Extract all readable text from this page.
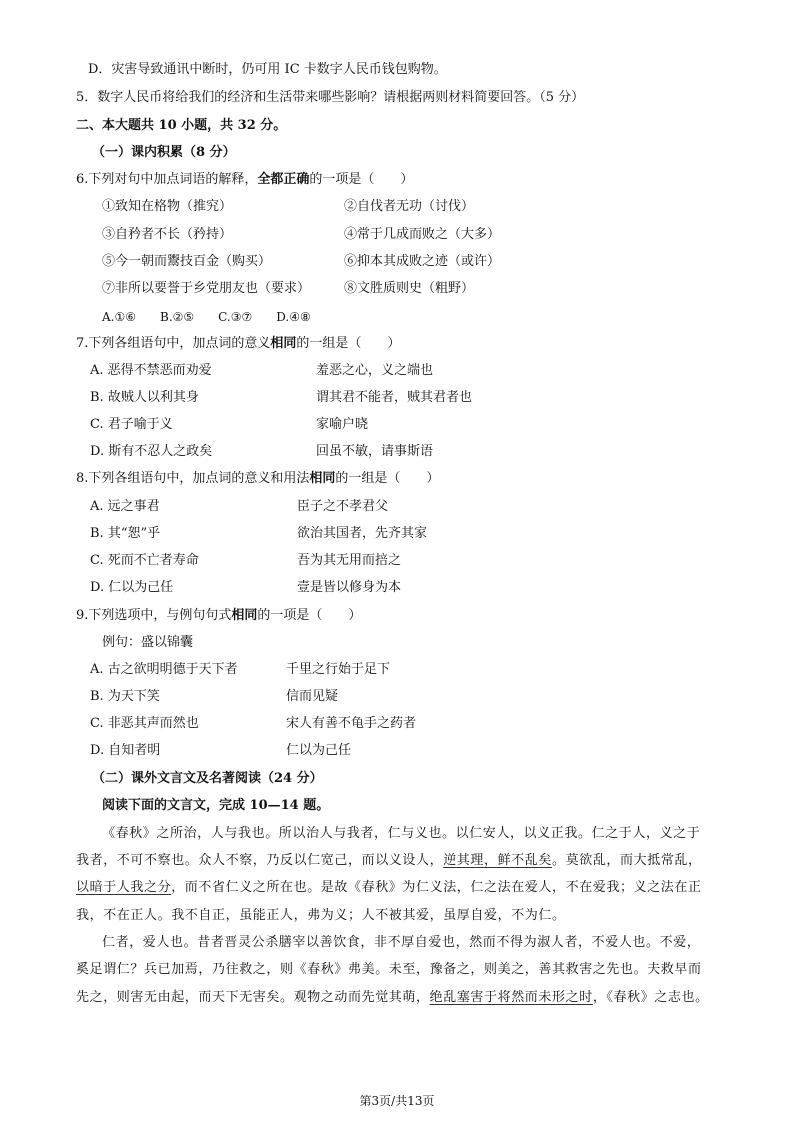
D．灾害导致通讯中断时，仍可用 IC 卡数字人民币钱包购物。
5．数字人民币将给我们的经济和生活带来哪些影响？请根据两则材料简要回答。（5 分）
二、本大题共 10 小题，共 32 分。
（一）课内积累（8 分）
6.下列对句中加点词语的解释，全都正确的一项是（　　）
①致知在格物（推究）	②自伐者无功（讨伐）
③自矜者不长（矜持）	④常于几成而败之（大多）
⑤今一朝而鬻技百金（购买）	⑥抑本其成败之迹（或许）
⑦非所以要誉于乡党朋友也（要求）	⑧文胜质则史（粗野）
A.①⑥　　B.②⑤　　C.③⑦　　D.④⑧
7.下列各组语句中，加点词的意义相同的一组是（　　）
A. 恶得不禁恶而劝爱	羞恶之心，义之端也
B. 故贼人以利其身	谓其君不能者，贼其君者也
C. 君子喻于义	家喻户晓
D. 斯有不忍人之政矣	回虽不敏，请事斯语
8.下列各组语句中，加点词的意义和用法相同的一组是（　　）
A. 远之事君	臣子之不孝君父
B. 其“恕”乎	欲治其国者，先齐其家
C. 死而不亡者寿命	吾为其无用而掊之
D. 仁以为己任	壹是皆以修身为本
9.下列选项中，与例句句式相同的一项是（　　）
例句：盛以锦囊
A. 古之欲明明德于天下者	千里之行始于足下
B. 为天下笑	信而见疑
C. 非恶其声而然也	宋人有善不龟手之药者
D. 自知者明	仁以为己任
（二）课外文言文及名著阅读（24 分）
阅读下面的文言文，完成 10—14 题。
《春秋》之所治，人与我也。所以治人与我者，仁与义也。以仁安人，以义正我。仁之于人，义之于
我者，不可不察也。众人不察，乃反以仁宽己，而以义设人，逆其理，鲜不乱矣。莫欲乱，而大抵常乱，
以暗于人我之分，而不省仁义之所在也。是故《春秋》为仁义法，仁之法在爱人，不在爱我；义之法在正
我，不在正人。我不自正，虽能正人，弗为义；人不被其爱，虽厚自爱，不为仁。
仁者，爱人也。昔者晋灵公杀膳宰以善饮食，非不厚自爱也，然而不得为淑人者，不爱人也。不爱，
奚足谓仁？兵已加焉，乃往救之，则《春秋》弗美。未至，豫备之，则美之，善其救害之先也。夫救早而
先之，则害无由起，而天下无害矣。观物之动而先觉其萌，绝乱塞害于将然而未形之时，《春秋》之志也。
第3页/共13页
